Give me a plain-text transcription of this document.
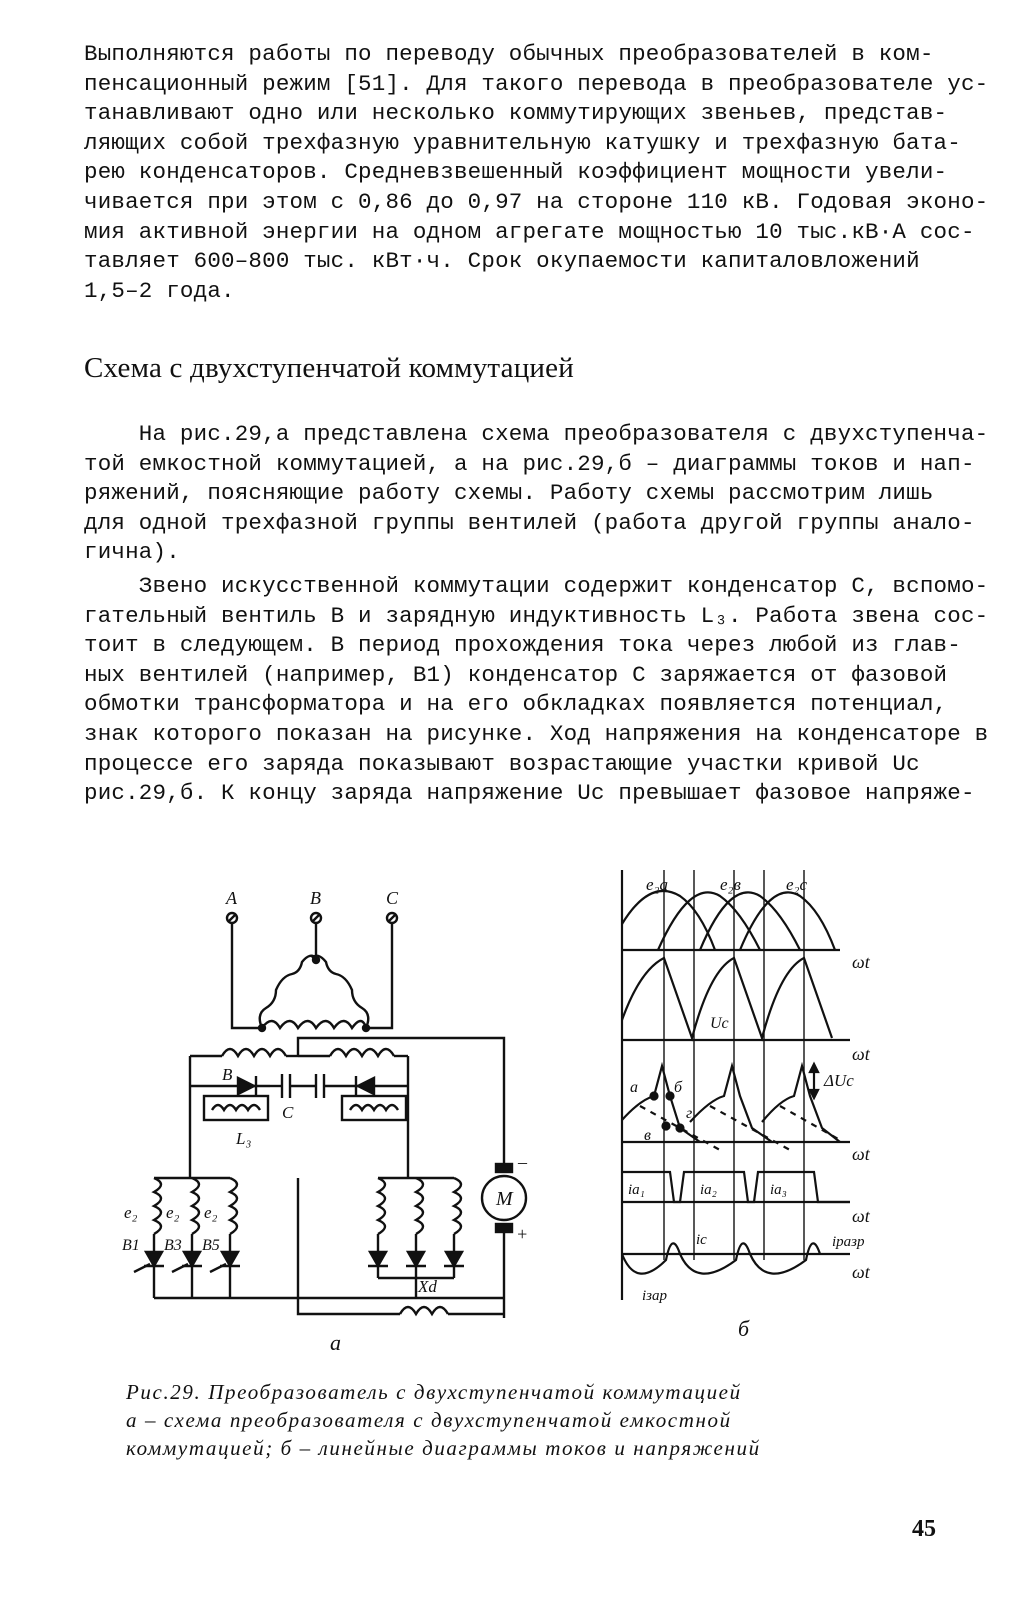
Выполняются работы по переводу обычных преобразователей в ком-

пенсационный режим [51]. Для такого перевода в преобразователе ус-

танавливают одно или несколько коммутирующих звеньев, представ-

ляющих собой трехфазную уравнительную катушку и трехфазную бата-

рею конденсаторов. Средневзвешенный коэффициент мощности увели-

чивается при этом с 0,86 до 0,97 на стороне 110 кВ. Годовая эконо-

мия активной энергии на одном агрегате мощностью 10 тыс.кВ·А сос-

тавляет 600–800 тыс. кВт·ч. Срок окупаемости капиталовложений

1,5–2 года.

Схема с двухступенчатой коммутацией

На рис.29,а представлена схема преобразователя с двухступенча-

той емкостной коммутацией, а на рис.29,б – диаграммы токов и нап-

ряжений, поясняющие работу схемы. Работу схемы рассмотрим лишь

для одной трехфазной группы вентилей (работа другой группы анало-

гична).

Звено искусственной коммутации содержит конденсатор С, вспомо-

гательный вентиль В и зарядную индуктивность L₃. Работа звена сос-

тоит в следующем. В период прохождения тока через любой из глав-

ных вентилей (например, В1) конденсатор С заряжается от фазовой

обмотки трансформатора и на его обкладках появляется потенциал,

знак которого показан на рисунке. Ход напряжения на конденсаторе в

процессе его заряда показывают возрастающие участки кривой Uс

рис.29,б. К концу заряда напряжение Uс превышает фазовое напряже-

A	B	C
B
C
L₃
e₂ e₂ e₂
B1 B3 B5
M
–
+
Xd
e₂a	e₂в	e₂c
ωt
Uс
ωt
ΔUс
а б
в
г
ωt
ia₁	ia₂	ia₃
ωt
iс	iразр
iзар
ωt
а
б

Рис.29. Преобразователь с двухступенчатой коммутацией

а – схема преобразователя с двухступенчатой емкостной

коммутацией; б – линейные диаграммы токов и напряжений

45
